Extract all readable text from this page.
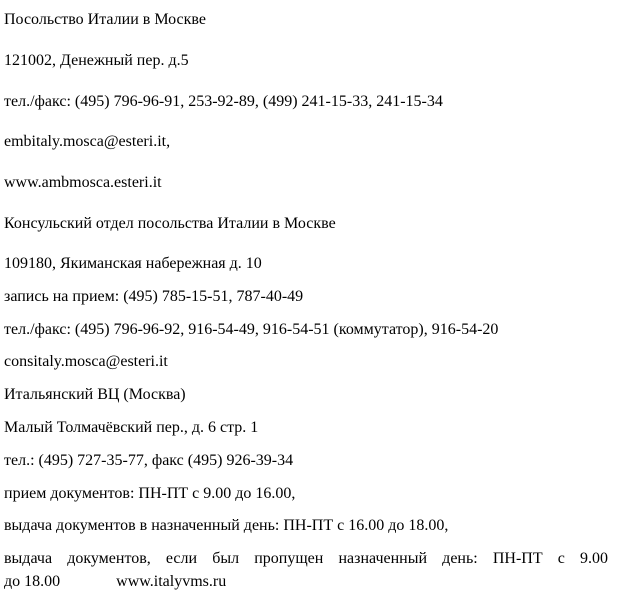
Посольство Италии в Москве
121002, Денежный пер. д.5
тел./факс: (495) 796-96-91, 253-92-89, (499) 241-15-33, 241-15-34
embitaly.mosca@esteri.it,
www.ambmosca.esteri.it
Консульский отдел посольства Италии в Москве
109180, Якиманская набережная д. 10
запись на прием: (495) 785-15-51, 787-40-49
тел./факс: (495) 796-96-92, 916-54-49, 916-54-51 (коммутатор), 916-54-20
consitaly.mosca@esteri.it
Итальянский ВЦ (Москва)
Малый Толмачёвский пер., д. 6 стр. 1
тел.: (495) 727-35-77, факс (495) 926-39-34
прием документов: ПН-ПТ с 9.00 до 16.00,
выдача документов в назначенный день: ПН-ПТ с 16.00 до 18.00,
выдача документов, если был пропущен назначенный день: ПН-ПТ с 9.00
до 18.00	www.italyvms.ru
